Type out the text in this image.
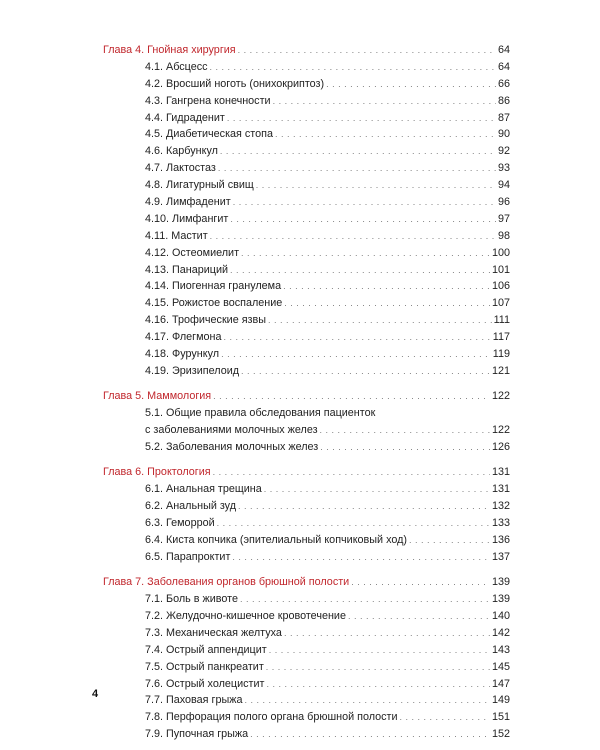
Глава 4. Гнойная хирургия . . .	64
4.1. Абсцесс . . .	64
4.2. Вросший ноготь (онихокриптоз) . . .	66
4.3. Гангрена конечности . . .	86
4.4. Гидраденит . . .	87
4.5. Диабетическая стопа . . .	90
4.6. Карбункул . . .	92
4.7. Лактостаз . . .	93
4.8. Лигатурный свищ . . .	94
4.9. Лимфаденит . . .	96
4.10. Лимфангит . . .	97
4.11. Мастит . . .	98
4.12. Остеомиелит . . .	100
4.13. Панариций . . .	101
4.14. Пиогенная гранулема . . .	106
4.15. Рожистое воспаление . . .	107
4.16. Трофические язвы . . .	111
4.17. Флегмона . . .	117
4.18. Фурункул . . .	119
4.19. Эризипелоид . . .	121
Глава 5. Маммология . . .	122
5.1. Общие правила обследования пациенток
с заболеваниями молочных желез . . .	122
5.2. Заболевания молочных желез . . .	126
Глава 6. Проктология . . .	131
6.1. Анальная трещина . . .	131
6.2. Анальный зуд . . .	132
6.3. Геморрой . . .	133
6.4. Киста копчика (эпителиальный копчиковый ход) . . .	136
6.5. Парапроктит . . .	137
Глава 7. Заболевания органов брюшной полости . . .	139
7.1. Боль в животе . . .	139
7.2. Желудочно-кишечное кровотечение . . .	140
7.3. Механическая желтуха . . .	142
7.4. Острый аппендицит . . .	143
7.5. Острый панкреатит . . .	145
7.6. Острый холецистит . . .	147
7.7. Паховая грыжа . . .	149
7.8. Перфорация полого органа брюшной полости . . .	151
7.9. Пупочная грыжа . . .	152
4
